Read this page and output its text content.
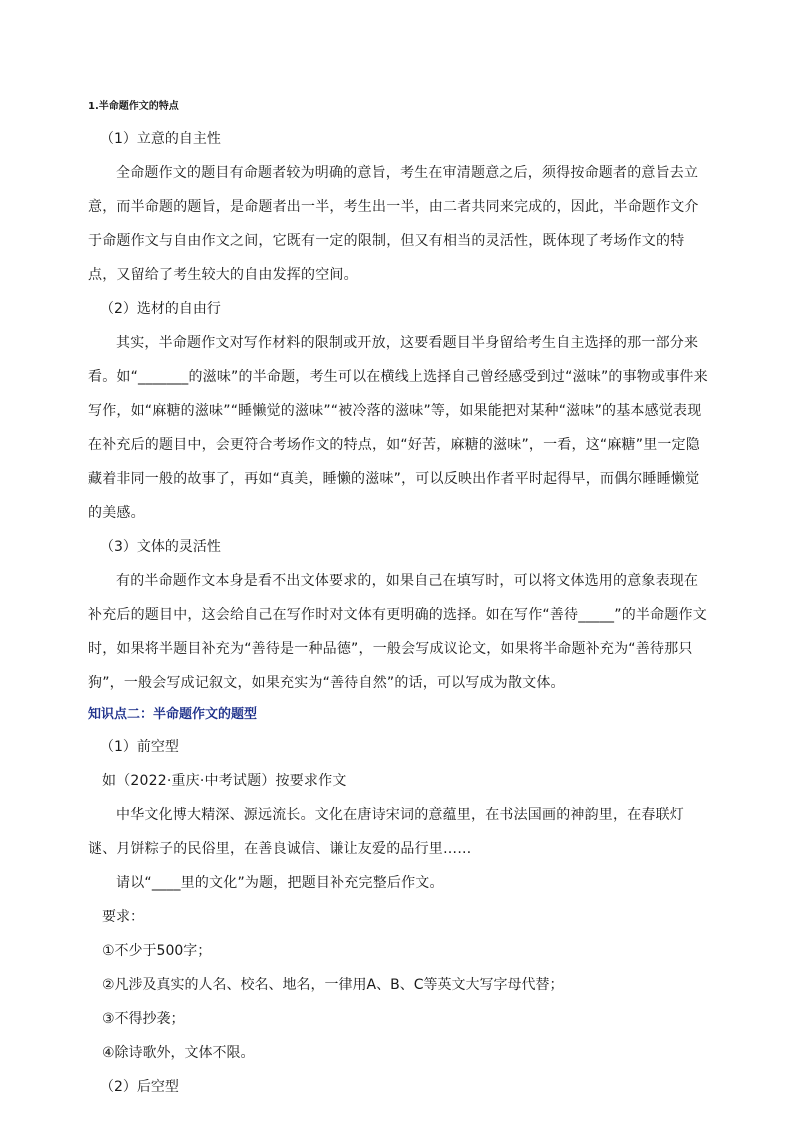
1.半命题作文的特点

（1）立意的自主性

全命题作文的题目有命题者较为明确的意旨，考生在审清题意之后，须得按命题者的意旨去立意，而半命题的题旨，是命题者出一半，考生出一半，由二者共同来完成的，因此，半命题作文介于命题作文与自由作文之间，它既有一定的限制，但又有相当的灵活性，既体现了考场作文的特点，又留给了考生较大的自由发挥的空间。

（2）选材的自由行

其实，半命题作文对写作材料的限制或开放，这要看题目半身留给考生自主选择的那一部分来看。如“_______的滋味”的半命题，考生可以在横线上选择自己曾经感受到过“滋味”的事物或事件来写作，如“麻糖的滋味”“睡懒觉的滋味”“被冷落的滋味”等，如果能把对某种“滋味”的基本感觉表现在补充后的题目中，会更符合考场作文的特点，如“好苦，麻糖的滋味”，一看，这“麻糖”里一定隐藏着非同一般的故事了，再如“真美，睡懒的滋味”，可以反映出作者平时起得早，而偶尔睡睡懒觉的美感。

（3）文体的灵活性

有的半命题作文本身是看不出文体要求的，如果自己在填写时，可以将文体选用的意象表现在补充后的题目中，这会给自己在写作时对文体有更明确的选择。如在写作“善待_____”的半命题作文时，如果将半题目补充为“善待是一种品德”，一般会写成议论文，如果将半命题补充为“善待那只狗”，一般会写成记叙文，如果充实为“善待自然”的话，可以写成为散文体。

知识点二：半命题作文的题型

（1）前空型

如（2022·重庆·中考试题）按要求作文

中华文化博大精深、源远流长。文化在唐诗宋词的意蕴里，在书法国画的神韵里，在春联灯谜、月饼粽子的民俗里，在善良诚信、谦让友爱的品行里……

请以“____里的文化”为题，把题目补充完整后作文。

要求：

①不少于500字；

②凡涉及真实的人名、校名、地名，一律用A、B、C等英文大写字母代替；

③不得抄袭；

④除诗歌外，文体不限。

（2）后空型
